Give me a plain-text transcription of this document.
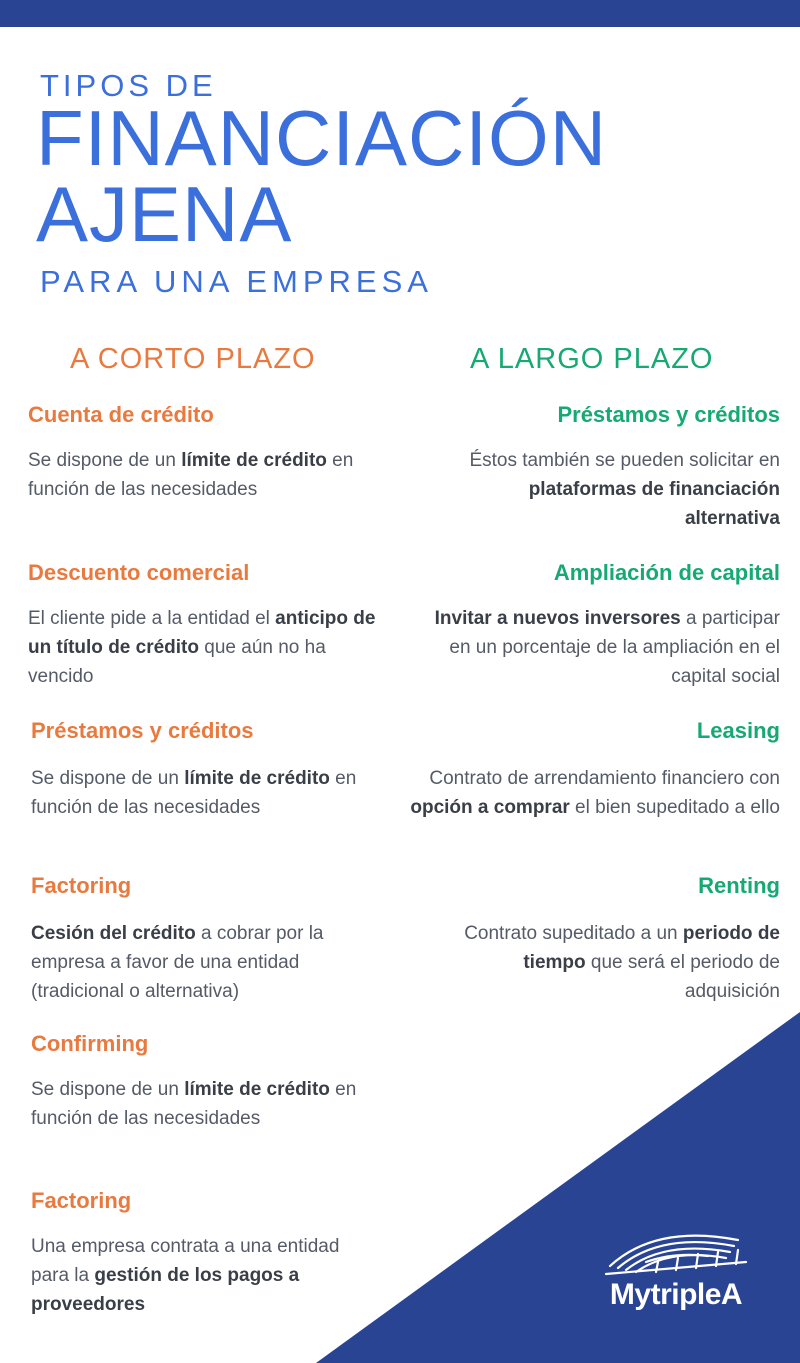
TIPOS DE
FINANCIACIÓN
AJENA
PARA UNA EMPRESA
A CORTO PLAZO	A LARGO PLAZO
Cuenta de crédito

Se dispone de un límite de crédito en función de las necesidades

Descuento comercial

El cliente pide a la entidad el anticipo de un título de crédito que aún no ha vencido

Préstamos y créditos

Se dispone de un límite de crédito en función de las necesidades

Factoring

Cesión del crédito a cobrar por la empresa a favor de una entidad (tradicional o alternativa)

Confirming

Se dispone de un límite de crédito en función de las necesidades

Factoring

Una empresa contrata a una entidad para la gestión de los pagos a proveedores

Préstamos y créditos

Éstos también se pueden solicitar en plataformas de financiación alternativa

Ampliación de capital

Invitar a nuevos inversores a participar en un porcentaje de la ampliación en el capital social

Leasing

Contrato de arrendamiento financiero con opción a comprar el bien supeditado a ello

Renting

Contrato supeditado a un periodo de tiempo que será el periodo de adquisición

MytripleA
